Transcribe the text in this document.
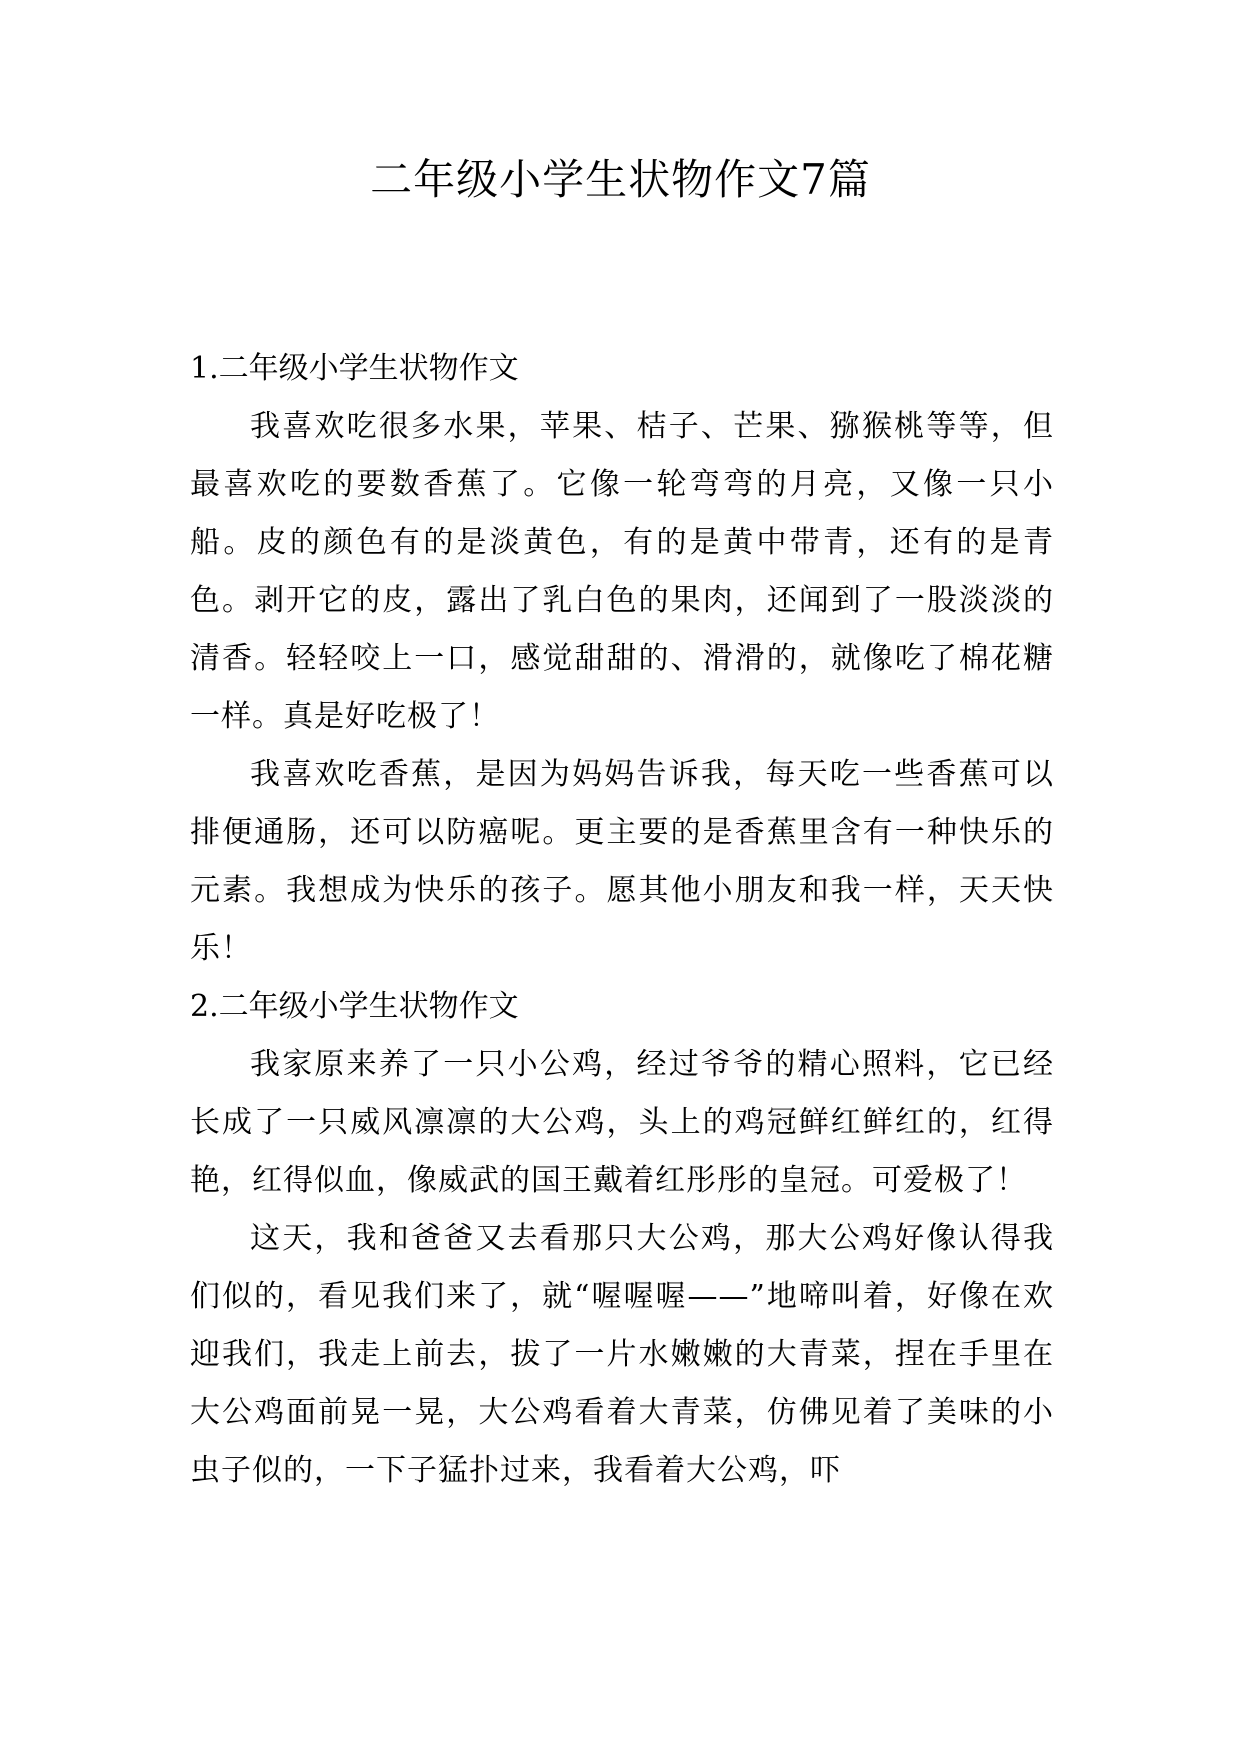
二年级小学生状物作文7篇

1.二年级小学生状物作文

我喜欢吃很多水果，苹果、桔子、芒果、猕猴桃等等，但最喜欢吃的要数香蕉了。它像一轮弯弯的月亮，又像一只小船。皮的颜色有的是淡黄色，有的是黄中带青，还有的是青色。剥开它的皮，露出了乳白色的果肉，还闻到了一股淡淡的清香。轻轻咬上一口，感觉甜甜的、滑滑的，就像吃了棉花糖一样。真是好吃极了！

我喜欢吃香蕉，是因为妈妈告诉我，每天吃一些香蕉可以排便通肠，还可以防癌呢。更主要的是香蕉里含有一种快乐的元素。我想成为快乐的孩子。愿其他小朋友和我一样，天天快乐！

2.二年级小学生状物作文

我家原来养了一只小公鸡，经过爷爷的精心照料，它已经长成了一只威风凛凛的大公鸡，头上的鸡冠鲜红鲜红的，红得艳，红得似血，像威武的国王戴着红彤彤的皇冠。可爱极了！

这天，我和爸爸又去看那只大公鸡，那大公鸡好像认得我们似的，看见我们来了，就“喔喔喔——”地啼叫着，好像在欢迎我们，我走上前去，拔了一片水嫩嫩的大青菜，捏在手里在大公鸡面前晃一晃，大公鸡看着大青菜，仿佛见着了美味的小虫子似的，一下子猛扑过来，我看着大公鸡，吓
